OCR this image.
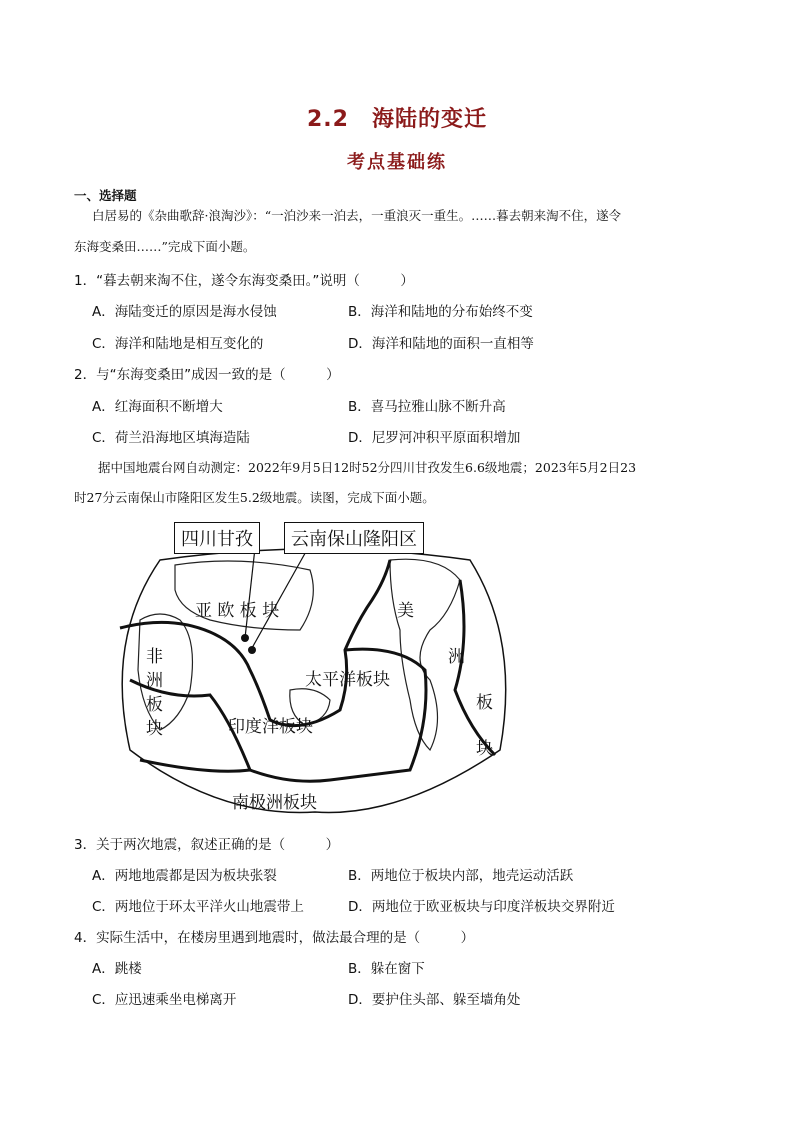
2.2　海陆的变迁
考点基础练
一、选择题
白居易的《杂曲歌辞·浪淘沙》：“一泊沙来一泊去，一重浪灭一重生。……暮去朝来淘不住，遂令
东海变桑田……”完成下面小题。
1．“暮去朝来淘不住，遂令东海变桑田。”说明（　　　）
A．海陆变迁的原因是海水侵蚀	B．海洋和陆地的分布始终不变
C．海洋和陆地是相互变化的	D．海洋和陆地的面积一直相等
2．与“东海变桑田”成因一致的是（　　　）
A．红海面积不断增大	B．喜马拉雅山脉不断升高
C．荷兰沿海地区填海造陆	D．尼罗河冲积平原面积增加
据中国地震台网自动测定：2022年9月5日12时52分四川甘孜发生6.6级地震；2023年5月2日23
时27分云南保山市隆阳区发生5.2级地震。读图，完成下面小题。
四川甘孜	云南保山隆阳区
亚 欧 板 块
非
洲
板
块
太平洋板块
印度洋板块
美
洲
板
块
南极洲板块
3．关于两次地震，叙述正确的是（　　　）
A．两地地震都是因为板块张裂	B．两地位于板块内部，地壳运动活跃
C．两地位于环太平洋火山地震带上	D．两地位于欧亚板块与印度洋板块交界附近
4．实际生活中，在楼房里遇到地震时，做法最合理的是（　　　）
A．跳楼	B．躲在窗下
C．应迅速乘坐电梯离开	D．要护住头部、躲至墙角处
